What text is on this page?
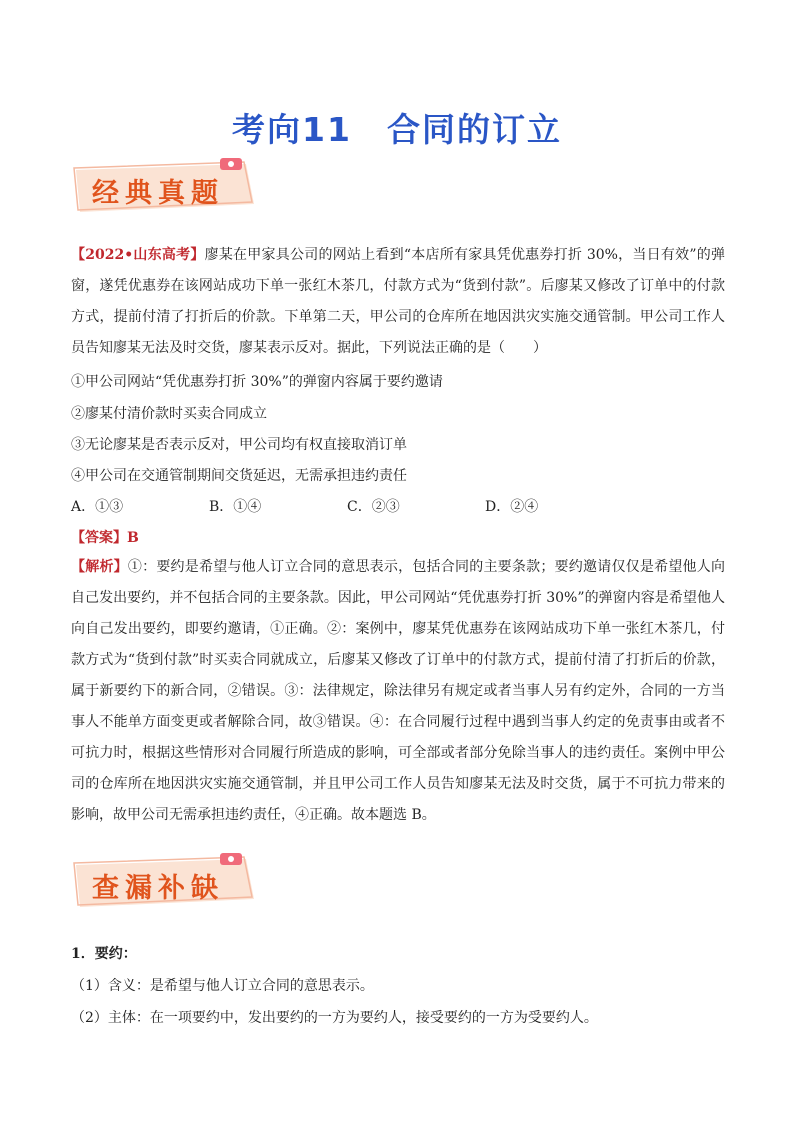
考向11　合同的订立
经典真题
【2022•山东高考】廖某在甲家具公司的网站上看到“本店所有家具凭优惠券打折 30%，当日有效”的弹窗，遂凭优惠券在该网站成功下单一张红木茶几，付款方式为“货到付款”。后廖某又修改了订单中的付款方式，提前付清了打折后的价款。下单第二天，甲公司的仓库所在地因洪灾实施交通管制。甲公司工作人员告知廖某无法及时交货，廖某表示反对。据此，下列说法正确的是（　　）
①甲公司网站“凭优惠券打折 30%”的弹窗内容属于要约邀请
②廖某付清价款时买卖合同成立
③无论廖某是否表示反对，甲公司均有权直接取消订单
④甲公司在交通管制期间交货延迟，无需承担违约责任
A．①③	B．①④	C．②③	D．②④
【答案】B
【解析】①：要约是希望与他人订立合同的意思表示，包括合同的主要条款；要约邀请仅仅是希望他人向自己发出要约，并不包括合同的主要条款。因此，甲公司网站“凭优惠券打折 30%”的弹窗内容是希望他人向自己发出要约，即要约邀请，①正确。②：案例中，廖某凭优惠券在该网站成功下单一张红木茶几，付款方式为“货到付款”时买卖合同就成立，后廖某又修改了订单中的付款方式，提前付清了打折后的价款，属于新要约下的新合同，②错误。③：法律规定，除法律另有规定或者当事人另有约定外，合同的一方当事人不能单方面变更或者解除合同，故③错误。④：在合同履行过程中遇到当事人约定的免责事由或者不可抗力时，根据这些情形对合同履行所造成的影响，可全部或者部分免除当事人的违约责任。案例中甲公司的仓库所在地因洪灾实施交通管制，并且甲公司工作人员告知廖某无法及时交货，属于不可抗力带来的影响，故甲公司无需承担违约责任，④正确。故本题选 B。
查漏补缺
1．要约：
（1）含义：是希望与他人订立合同的意思表示。
（2）主体：在一项要约中，发出要约的一方为要约人，接受要约的一方为受要约人。
